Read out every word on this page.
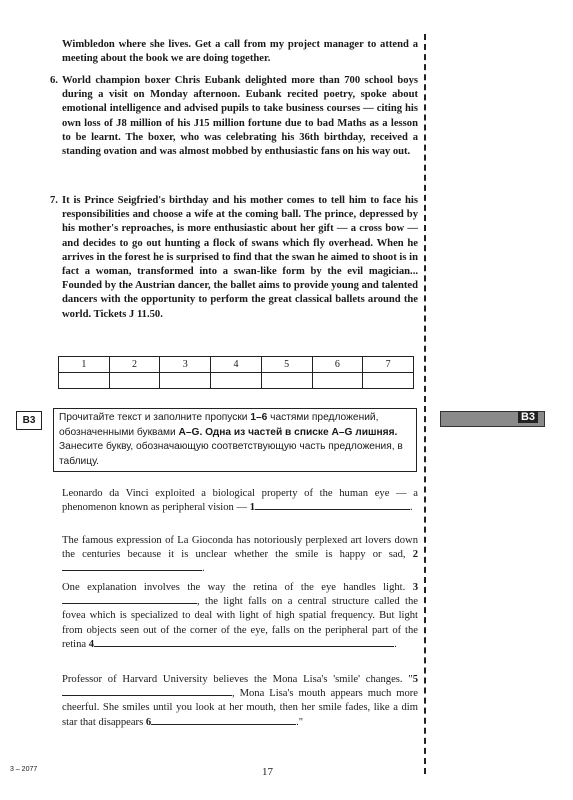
Wimbledon where she lives. Get a call from my project manager to attend a meeting about the book we are doing together.

6. World champion boxer Chris Eubank delighted more than 700 school boys during a visit on Monday afternoon. Eubank recited poetry, spoke about emotional intelligence and advised pupils to take business courses — citing his own loss of J8 million of his J15 million fortune due to bad Maths as a lesson to be learnt. The boxer, who was celebrating his 36th birthday, received a standing ovation and was almost mobbed by enthusiastic fans on his way out.

7. It is Prince Seigfried's birthday and his mother comes to tell him to face his responsibilities and choose a wife at the coming ball. The prince, depressed by his mother's reproaches, is more enthusiastic about her gift — a cross bow — and decides to go out hunting a flock of swans which fly overhead. When he arrives in the forest he is surprised to find that the swan he aimed to shoot is in fact a woman, transformed into a swan-like form by the evil magician... Founded by the Austrian dancer, the ballet aims to provide young and talented dancers with the opportunity to perform the great classical ballets around the world. Tickets J 11.50.

1	2	3	4	5	6	7

B3	Прочитайте текст и заполните пропуски 1–6 частями предложений, обозначенными буквами A–G. Одна из частей в списке A–G лишняя. Занесите букву, обозначающую соответствующую часть предложения, в таблицу.
B3

Leonardo da Vinci exploited a biological property of the human eye — a phenomenon known as peripheral vision — 1	.

The famous expression of La Gioconda has notoriously perplexed art lovers down the centuries because it is unclear whether the smile is happy or sad, 2.

One explanation involves the way the retina of the eye handles light. 3, the light falls on a central structure called the fovea which is specialized to deal with light of high spatial frequency. But light from objects seen out of the corner of the eye, falls on the peripheral part of the retina 4	.

Professor of Harvard University believes the Mona Lisa's 'smile' changes. "5, Mona Lisa's mouth appears much more cheerful. She smiles until you look at her mouth, then her smile fades, like a dim star that disappears 6	."

3 – 2077	17
